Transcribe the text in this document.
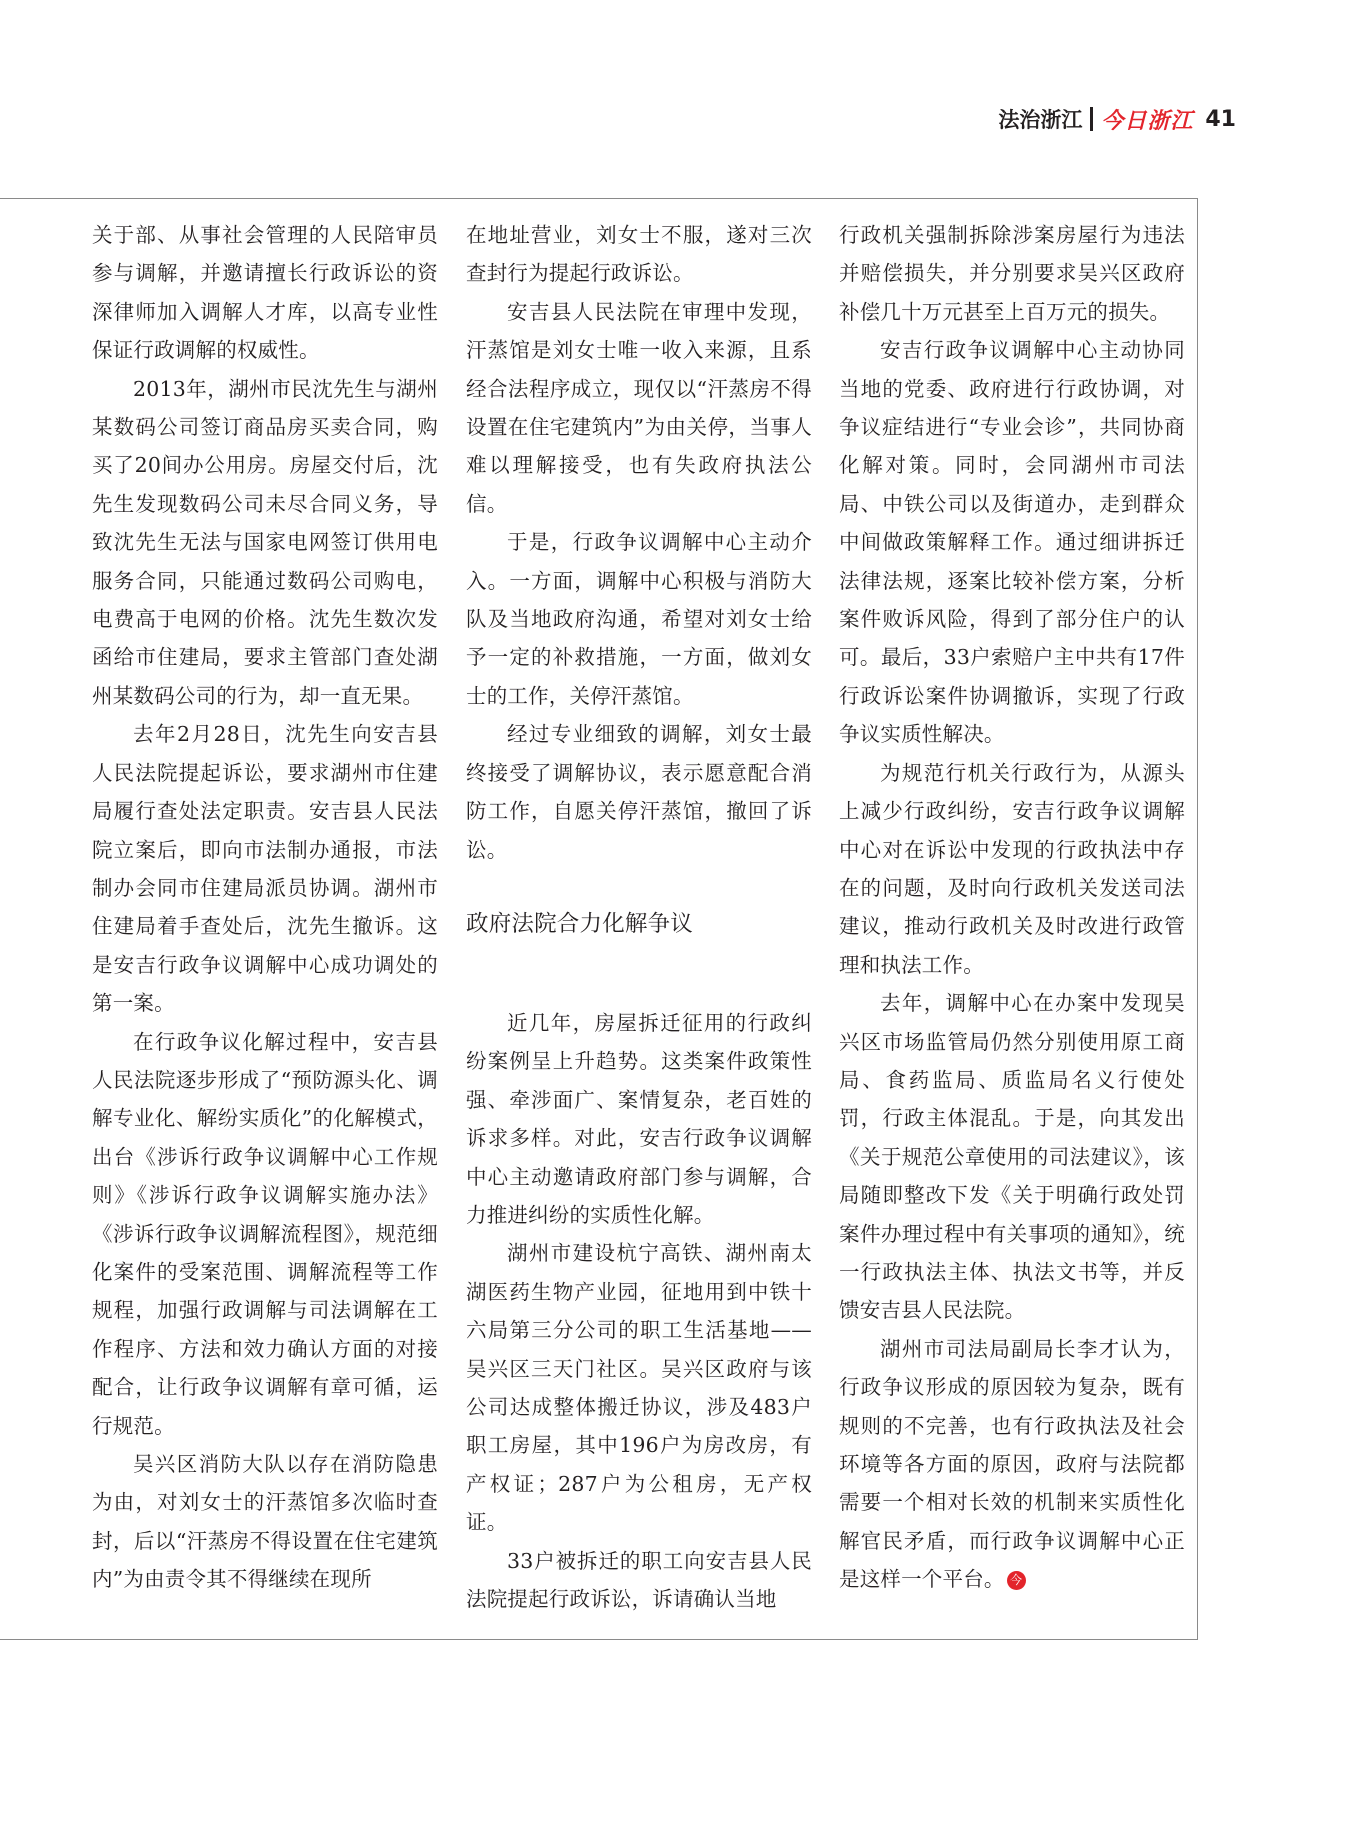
法治浙江 今日浙江 41

关于部、从事社会管理的人民陪审员参与调解，并邀请擅长行政诉讼的资深律师加入调解人才库，以高专业性保证行政调解的权威性。

2013年，湖州市民沈先生与湖州某数码公司签订商品房买卖合同，购买了20间办公用房。房屋交付后，沈先生发现数码公司未尽合同义务，导致沈先生无法与国家电网签订供用电服务合同，只能通过数码公司购电，电费高于电网的价格。沈先生数次发函给市住建局，要求主管部门查处湖州某数码公司的行为，却一直无果。

去年2月28日，沈先生向安吉县人民法院提起诉讼，要求湖州市住建局履行查处法定职责。安吉县人民法院立案后，即向市法制办通报，市法制办会同市住建局派员协调。湖州市住建局着手查处后，沈先生撤诉。这是安吉行政争议调解中心成功调处的第一案。

在行政争议化解过程中，安吉县人民法院逐步形成了“预防源头化、调解专业化、解纷实质化”的化解模式，出台《涉诉行政争议调解中心工作规则》《涉诉行政争议调解实施办法》《涉诉行政争议调解流程图》，规范细化案件的受案范围、调解流程等工作规程，加强行政调解与司法调解在工作程序、方法和效力确认方面的对接配合，让行政争议调解有章可循，运行规范。

吴兴区消防大队以存在消防隐患为由，对刘女士的汗蒸馆多次临时查封，后以“汗蒸房不得设置在住宅建筑内”为由责令其不得继续在现所

在地址营业，刘女士不服，遂对三次查封行为提起行政诉讼。

安吉县人民法院在审理中发现，汗蒸馆是刘女士唯一收入来源，且系经合法程序成立，现仅以“汗蒸房不得设置在住宅建筑内”为由关停，当事人难以理解接受，也有失政府执法公信。

于是，行政争议调解中心主动介入。一方面，调解中心积极与消防大队及当地政府沟通，希望对刘女士给予一定的补救措施，一方面，做刘女士的工作，关停汗蒸馆。

经过专业细致的调解，刘女士最终接受了调解协议，表示愿意配合消防工作，自愿关停汗蒸馆，撤回了诉讼。

政府法院合力化解争议

近几年，房屋拆迁征用的行政纠纷案例呈上升趋势。这类案件政策性强、牵涉面广、案情复杂，老百姓的诉求多样。对此，安吉行政争议调解中心主动邀请政府部门参与调解，合力推进纠纷的实质性化解。

湖州市建设杭宁高铁、湖州南太湖医药生物产业园，征地用到中铁十六局第三分公司的职工生活基地——吴兴区三天门社区。吴兴区政府与该公司达成整体搬迁协议，涉及483户职工房屋，其中196户为房改房，有产权证；287户为公租房，无产权证。

33户被拆迁的职工向安吉县人民法院提起行政诉讼，诉请确认当地

行政机关强制拆除涉案房屋行为违法并赔偿损失，并分别要求吴兴区政府补偿几十万元甚至上百万元的损失。

安吉行政争议调解中心主动协同当地的党委、政府进行行政协调，对争议症结进行“专业会诊”，共同协商化解对策。同时，会同湖州市司法局、中铁公司以及街道办，走到群众中间做政策解释工作。通过细讲拆迁法律法规，逐案比较补偿方案，分析案件败诉风险，得到了部分住户的认可。最后，33户索赔户主中共有17件行政诉讼案件协调撤诉，实现了行政争议实质性解决。

为规范行机关行政行为，从源头上减少行政纠纷，安吉行政争议调解中心对在诉讼中发现的行政执法中存在的问题，及时向行政机关发送司法建议，推动行政机关及时改进行政管理和执法工作。

去年，调解中心在办案中发现吴兴区市场监管局仍然分别使用原工商局、食药监局、质监局名义行使处罚，行政主体混乱。于是，向其发出《关于规范公章使用的司法建议》，该局随即整改下发《关于明确行政处罚案件办理过程中有关事项的通知》，统一行政执法主体、执法文书等，并反馈安吉县人民法院。

湖州市司法局副局长李才认为，行政争议形成的原因较为复杂，既有规则的不完善，也有行政执法及社会环境等各方面的原因，政府与法院都需要一个相对长效的机制来实质性化解官民矛盾，而行政争议调解中心正是这样一个平台。 今
